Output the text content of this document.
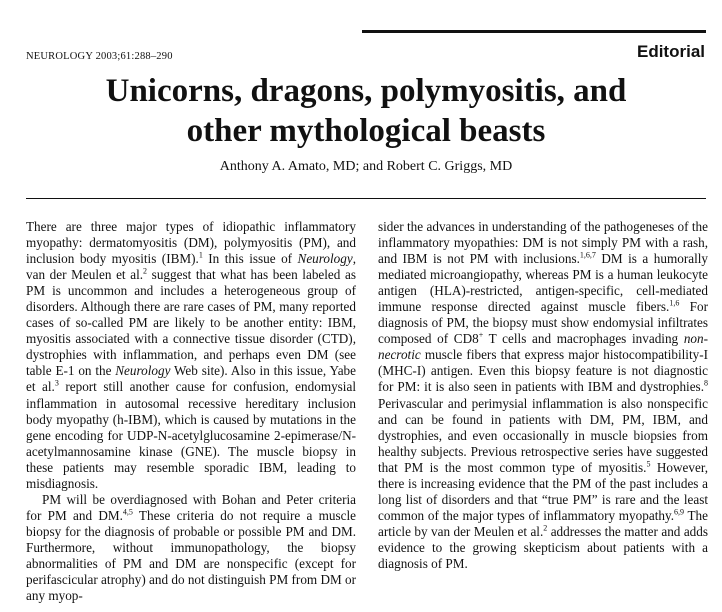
NEUROLOGY 2003;61:288–290	Editorial
Unicorns, dragons, polymyositis, and
other mythological beasts
Anthony A. Amato, MD; and Robert C. Griggs, MD

There are three major types of idiopathic inflammatory myopathy: dermatomyositis (DM), polymyositis (PM), and inclusion body myositis (IBM).$^1$ In this issue of Neurology, van der Meulen et al.$^2$ suggest that what has been labeled as PM is uncommon and includes a heterogeneous group of disorders. Although there are rare cases of PM, many reported cases of so-called PM are likely to be another entity: IBM, myositis associated with a connective tissue disorder (CTD), dystrophies with inflammation, and perhaps even DM (see table E-1 on the Neurology Web site). Also in this issue, Yabe et al.$^3$ report still another cause for confusion, endomysial inflammation in autosomal recessive hereditary inclusion body myopathy (h-IBM), which is caused by mutations in the gene encoding for UDP-N-acetylglucosamine 2-epimerase/N-acetylmannosamine kinase (GNE). The muscle biopsy in these patients may resemble sporadic IBM, leading to misdiagnosis.

PM will be overdiagnosed with Bohan and Peter criteria for PM and DM.$^{4,5}$ These criteria do not require a muscle biopsy for the diagnosis of probable or possible PM and DM. Furthermore, without immunopathology, the biopsy abnormalities of PM and DM are nonspecific (except for perifascicular atrophy) and do not distinguish PM from DM or any myop-

sider the advances in understanding of the pathogeneses of the inflammatory myopathies: DM is not simply PM with a rash, and IBM is not PM with inclusions.$^{1,6,7}$ DM is a humorally mediated microangiopathy, whereas PM is a human leukocyte antigen (HLA)-restricted, antigen-specific, cell-mediated immune response directed against muscle fibers.$^{1,6}$ For diagnosis of PM, the biopsy must show endomysial infiltrates composed of CD8+ T cells and macrophages invading non-necrotic muscle fibers that express major histocompatibility-I (MHC-I) antigen. Even this biopsy feature is not diagnostic for PM: it is also seen in patients with IBM and dystrophies.$^8$ Perivascular and perimysial inflammation is also nonspecific and can be found in patients with DM, PM, IBM, and dystrophies, and even occasionally in muscle biopsies from healthy subjects. Previous retrospective series have suggested that PM is the most common type of myositis.$^5$ However, there is increasing evidence that the PM of the past includes a long list of disorders and that “true PM” is rare and the least common of the major types of inflammatory myopathy.$^{6,9}$ The article by van der Meulen et al.$^2$ addresses the matter and adds evidence to the growing skepticism about patients with a diagnosis of PM.
